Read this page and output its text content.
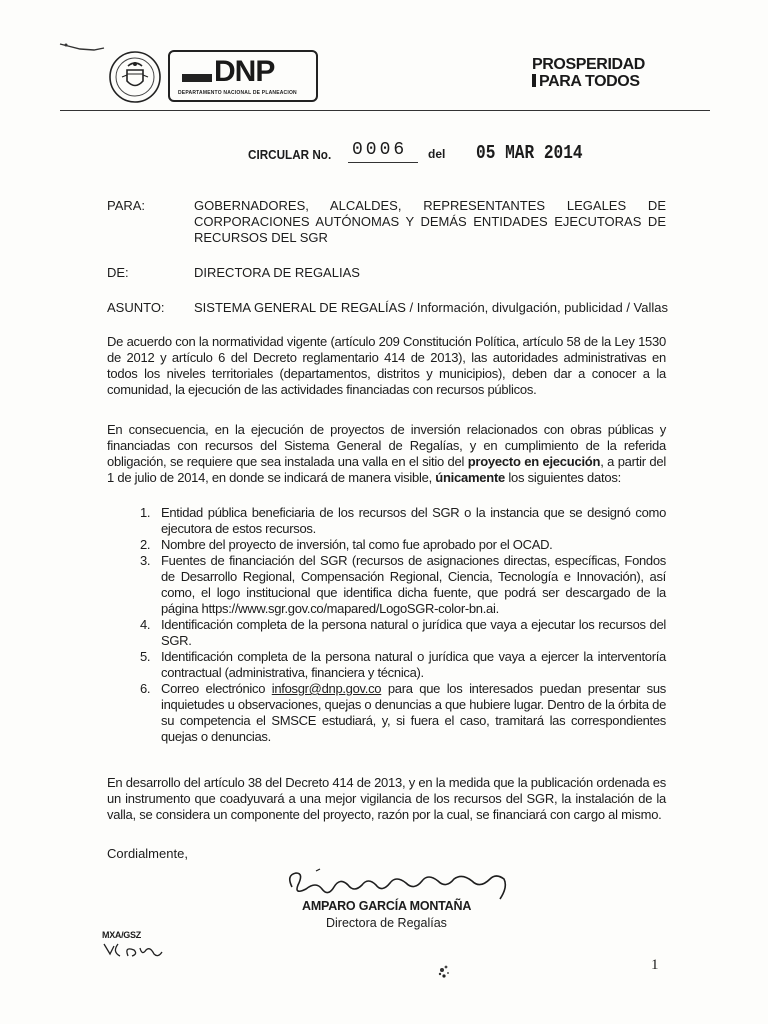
DNP
DEPARTAMENTO NACIONAL DE PLANEACIÓN
PROSPERIDAD
PARA TODOS
CIRCULAR No. 0006 del 05 MAR 2014
PARA:	GOBERNADORES, ALCALDES, REPRESENTANTES LEGALES DE CORPORACIONES AUTÓNOMAS Y DEMÁS ENTIDADES EJECUTORAS DE RECURSOS DEL SGR
DE:	DIRECTORA DE REGALIAS
ASUNTO:	SISTEMA GENERAL DE REGALÍAS / Información, divulgación, publicidad / Vallas
De acuerdo con la normatividad vigente (artículo 209 Constitución Política, artículo 58 de la Ley 1530 de 2012 y artículo 6 del Decreto reglamentario 414 de 2013), las autoridades administrativas en todos los niveles territoriales (departamentos, distritos y municipios), deben dar a conocer a la comunidad, la ejecución de las actividades financiadas con recursos públicos.
En consecuencia, en la ejecución de proyectos de inversión relacionados con obras públicas y financiadas con recursos del Sistema General de Regalías, y en cumplimiento de la referida obligación, se requiere que sea instalada una valla en el sitio del proyecto en ejecución, a partir del 1 de julio de 2014, en donde se indicará de manera visible, únicamente los siguientes datos:
1. Entidad pública beneficiaria de los recursos del SGR o la instancia que se designó como ejecutora de estos recursos.
2. Nombre del proyecto de inversión, tal como fue aprobado por el OCAD.
3. Fuentes de financiación del SGR (recursos de asignaciones directas, específicas, Fondos de Desarrollo Regional, Compensación Regional, Ciencia, Tecnología e Innovación), así como, el logo institucional que identifica dicha fuente, que podrá ser descargado de la página https://www.sgr.gov.co/mapared/LogoSGR-color-bn.ai.
4. Identificación completa de la persona natural o jurídica que vaya a ejecutar los recursos del SGR.
5. Identificación completa de la persona natural o jurídica que vaya a ejercer la interventoría contractual (administrativa, financiera y técnica).
6. Correo electrónico infosgr@dnp.gov.co para que los interesados puedan presentar sus inquietudes u observaciones, quejas o denuncias a que hubiere lugar. Dentro de la órbita de su competencia el SMSCE estudiará, y, si fuera el caso, tramitará las correspondientes quejas o denuncias.
En desarrollo del artículo 38 del Decreto 414 de 2013, y en la medida que la publicación ordenada es un instrumento que coadyuvará a una mejor vigilancia de los recursos del SGR, la instalación de la valla, se considera un componente del proyecto, razón por la cual, se financiará con cargo al mismo.
Cordialmente,
AMPARO GARCÍA MONTAÑA
Directora de Regalías
MXA/GSZ
1
